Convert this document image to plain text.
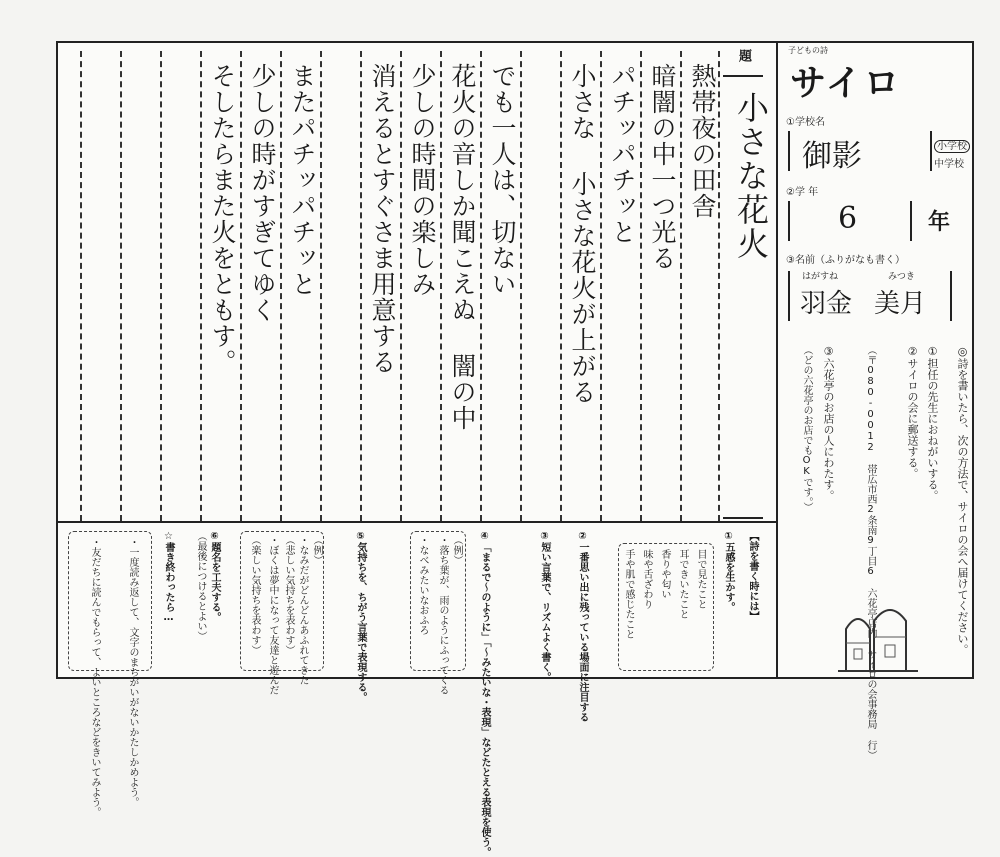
題
小さな花火
熱帯夜の田舎
暗闇の中一つ光る
パチッパチッと
小さな 小さな花火が上がる
でも一人は、切ない
花火の音しか聞こえぬ 闇の中
少しの時間の楽しみ
消えるとすぐさま用意する
またパチッパチッと
少しの時がすぎてゆく
そしたらまた火をともす。
【詩を書く時には】
①五感を生かす。
目で見たこと
耳できいたこと
香りや匂い
味や舌ざわり
手や肌で感じたこと
②一番思い出に残っている場面に注目する
③短い言葉で、リズムよく書く。
④「まるで〜のように」「〜みたいな・表現」などたとえる表現を使う。
（例）
・落ち葉が、雨のようにふってくる
・なべみたいなおふろ
⑤気持ちを、ちがう言葉で表現する。
（例）
・なみだがどんどんあふれてきた
（悲しい気持ちを表わす）
・ぼくは夢中になって友達と遊んだ
（楽しい気持ちを表わす）
⑥題名を工夫する。
（最後につけるとよい）
☆書き終わったら…
・一度読み返して、文字のまちがいがないかたしかめよう。
・友だちに読んでもらって、よいところなどをきいてみよう。
子どもの詩
サイロ
①学校名
御影	小学校
中学校
②学 年
6	年
③名前（ふりがなも書く）
はがすね	みつき
羽金 美月
◎詩を書いたら、次の方法で、サイロの会へ届けてください。
①担任の先生におねがいする。
②サイロの会に郵送する。
（〒080-0012 帯広市西2条南9丁目6 六花亭店内 サイロの会事務局 行）
③六花亭のお店の人にわたす。
（どの六花亭のお店でもOKです。）
